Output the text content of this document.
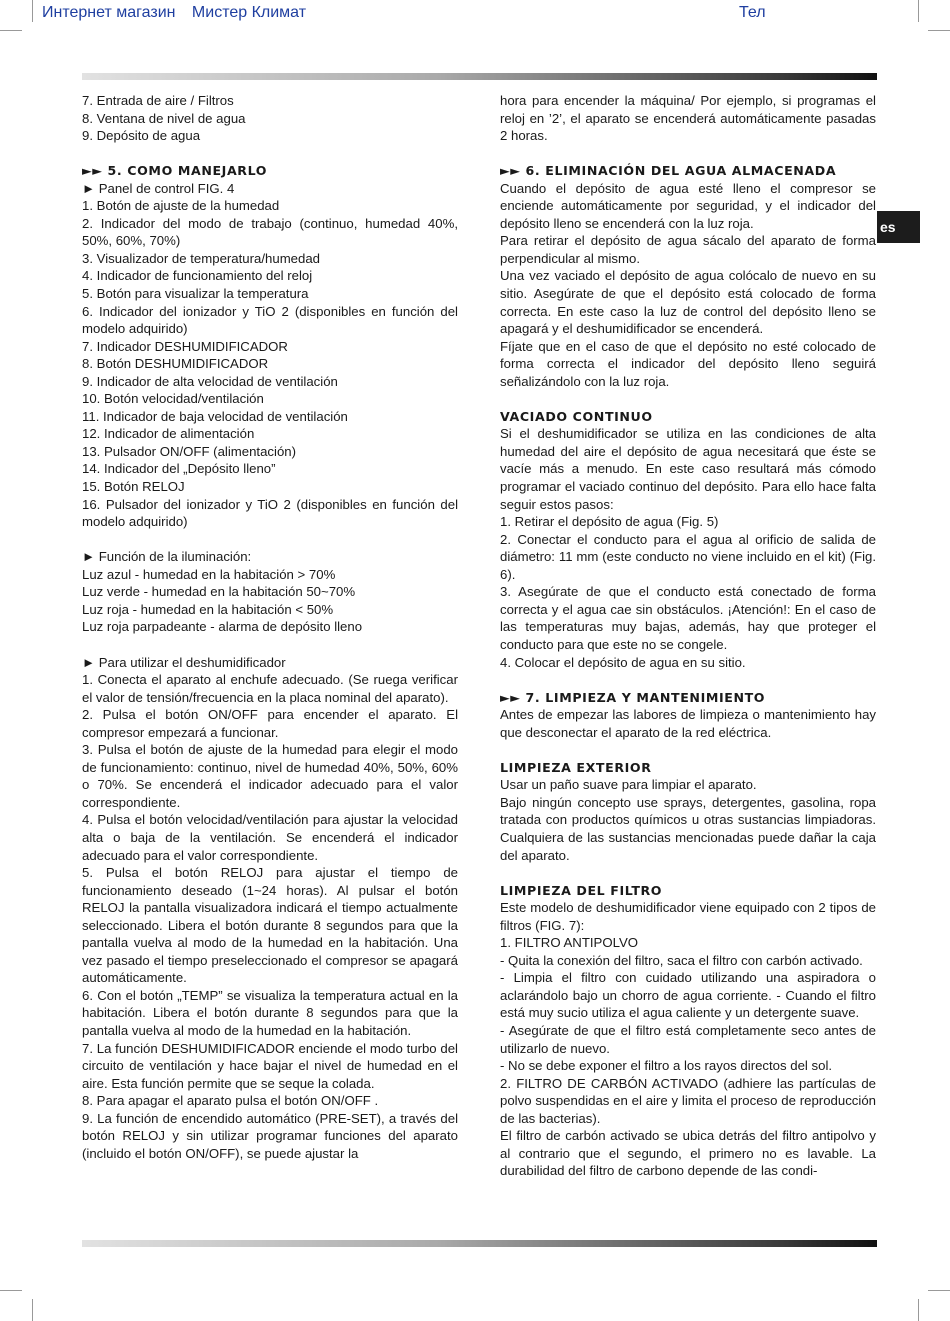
Интернет магазин Мистер Климат	Тел
es

7. Entrada de aire / Filtros

8. Ventana de nivel de agua

9. Depósito de agua

►► 5. COMO MANEJARLO

► Panel de control FIG. 4

1. Botón de ajuste de la humedad

2. Indicador del modo de trabajo (continuo, humedad 40%, 50%, 60%, 70%)

3. Visualizador de temperatura/humedad

4. Indicador de funcionamiento del reloj

5. Botón para visualizar la temperatura

6. Indicador del ionizador y TiO 2 (disponibles en función del modelo adquirido)

7. Indicador DESHUMIDIFICADOR

8. Botón DESHUMIDIFICADOR

9. Indicador de alta velocidad de ventilación

10. Botón velocidad/ventilación

11. Indicador de baja velocidad de ventilación

12. Indicador de alimentación

13. Pulsador ON/OFF (alimentación)

14. Indicador del „Depósito lleno”

15. Botón RELOJ

16. Pulsador del ionizador y TiO 2 (disponibles en función del modelo adquirido)

► Función de la iluminación:

Luz azul - humedad en la habitación > 70%

Luz verde - humedad en la habitación 50~70%

Luz roja - humedad en la habitación < 50%

Luz roja parpadeante - alarma de depósito lleno

► Para utilizar el deshumidificador

1. Conecta el aparato al enchufe adecuado. (Se ruega verificar el valor de tensión/frecuencia en la placa nominal del aparato).

2. Pulsa el botón ON/OFF para encender el aparato. El compresor empezará a funcionar.

3. Pulsa el botón de ajuste de la humedad para elegir el modo de funcionamiento: continuo, nivel de humedad 40%, 50%, 60% o 70%. Se encenderá el indicador adecuado para el valor correspondiente.

4. Pulsa el botón velocidad/ventilación para ajustar la velocidad alta o baja de la ventilación. Se encenderá el indicador adecuado para el valor correspondiente.

5. Pulsa el botón RELOJ para ajustar el tiempo de funcionamiento deseado (1~24 horas). Al pulsar el botón RELOJ la pantalla visualizadora indicará el tiempo actualmente seleccionado. Libera el botón durante 8 segundos para que la pantalla vuelva al modo de la humedad en la habitación. Una vez pasado el tiempo preseleccionado el compresor se apagará automáticamente.

6. Con el botón „TEMP” se visualiza la temperatura actual en la habitación. Libera el botón durante 8 segundos para que la pantalla vuelva al modo de la humedad en la habitación.

7. La función DESHUMIDIFICADOR enciende el modo turbo del circuito de ventilación y hace bajar el nivel de humedad en el aire. Esta función permite que se seque la colada.

8. Para apagar el aparato pulsa el botón ON/OFF .

9. La función de encendido automático (PRE-SET), a través del botón RELOJ y sin utilizar programar funciones del aparato (incluido el botón ON/OFF), se puede ajustar la

hora para encender la máquina/ Por ejemplo, si programas el reloj en ’2’, el aparato se encenderá automáticamente pasadas 2 horas.

►► 6. ELIMINACIÓN DEL AGUA ALMACENADA

Cuando el depósito de agua esté lleno el compresor se enciende automáticamente por seguridad, y el indicador del depósito lleno se encenderá con la luz roja.

Para retirar el depósito de agua sácalo del aparato de forma perpendicular al mismo.

Una vez vaciado el depósito de agua colócalo de nuevo en su sitio. Asegúrate de que el depósito está colocado de forma correcta. En este caso la luz de control del depósito lleno se apagará y el deshumidificador se encenderá.

Fíjate que en el caso de que el depósito no esté colocado de forma correcta el indicador del depósito lleno seguirá señalizándolo con la luz roja.

VACIADO CONTINUO

Si el deshumidificador se utiliza en las condiciones de alta humedad del aire el depósito de agua necesitará que éste se vacíe más a menudo. En este caso resultará más cómodo programar el vaciado continuo del depósito. Para ello hace falta seguir estos pasos:

1. Retirar el depósito de agua (Fig. 5)

2. Conectar el conducto para el agua al orificio de salida de diámetro: 11 mm (este conducto no viene incluido en el kit) (Fig. 6).

3. Asegúrate de que el conducto está conectado de forma correcta y el agua cae sin obstáculos. ¡Atención!: En el caso de las temperaturas muy bajas, además, hay que proteger el conducto para que este no se congele.

4. Colocar el depósito de agua en su sitio.

►► 7. LIMPIEZA Y MANTENIMIENTO

Antes de empezar las labores de limpieza o mantenimiento hay que desconectar el aparato de la red eléctrica.

LIMPIEZA EXTERIOR

Usar un paño suave para limpiar el aparato.

Bajo ningún concepto use sprays, detergentes, gasolina, ropa tratada con productos químicos u otras sustancias limpiadoras. Cualquiera de las sustancias mencionadas puede dañar la caja del aparato.

LIMPIEZA DEL FILTRO

Este modelo de deshumidificador viene equipado con 2 tipos de filtros (FIG. 7):

1. FILTRO ANTIPOLVO

- Quita la conexión del filtro, saca el filtro con carbón activado.

- Limpia el filtro con cuidado utilizando una aspiradora o aclarándolo bajo un chorro de agua corriente. - Cuando el filtro está muy sucio utiliza el agua caliente y un detergente suave.

- Asegúrate de que el filtro está completamente seco antes de utilizarlo de nuevo.

- No se debe exponer el filtro a los rayos directos del sol.

2. FILTRO DE CARBÓN ACTIVADO (adhiere las partículas de polvo suspendidas en el aire y limita el proceso de reproducción de las bacterias).

El filtro de carbón activado se ubica detrás del filtro antipolvo y al contrario que el segundo, el primero no es lavable. La durabilidad del filtro de carbono depende de las condi-
